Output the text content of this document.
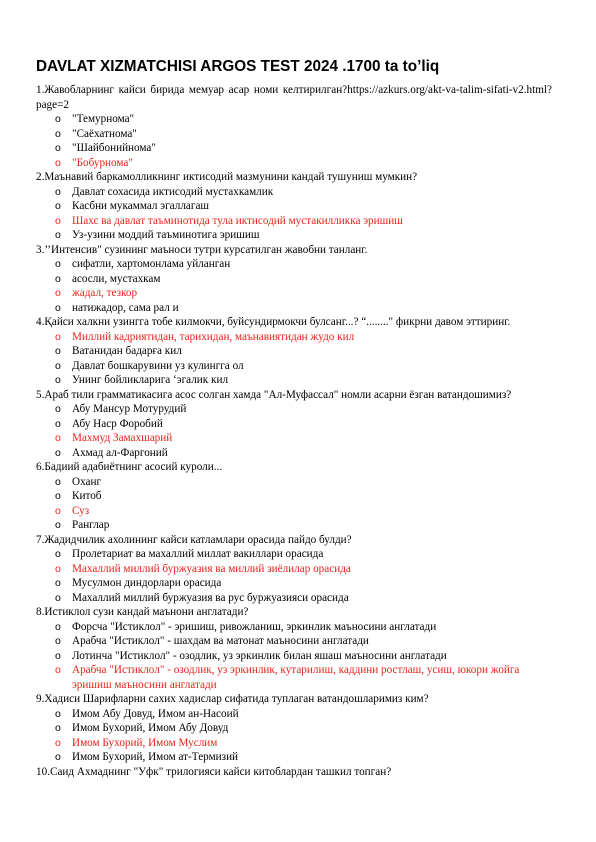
DAVLAT XIZMATCHISI ARGOS TEST 2024 .1700 ta to’liq
1.Жавобларнинг кайси бирида мемуар асар номи келтирилган?https://azkurs.org/akt-va-talim-sifati-v2.html?page=2
o "Темурнома"
o "Саёхатнома"
o "Шайбонийнома"
o "Бобурнома"
2.Маънавий баркамолликнинг иктисодий мазмунини кандай тушуниш мумкин?
o Давлат сохасида иктисодий мустахкамлик
o Касбни мукаммал эгаллагаш
o Шахс ва давлат таъминотида тула иктисодий мустакилликка эришиш
o Уз-узини моддий таъминотига эришиш
3.’’Интенсив" сузининг маъноси тутри курсатилган жавобни танланг.
o сифатли, хартомонлама уйланган
o асосли, мустахкам
o жадал, тезкор
o натижадор, сама рал и
4.Қайси халкни узингга тобе килмокчи, буйсундирмокчи булсанг...? “........" фикрни давом эттиринг.
o Миллий кадриятидан, тарихидан, маънавиятидан жудо кил
o Ватанидан бадарға кил
o Давлат бошкарувини уз кулингга ол
o Унинг бойликларига ‘эгалик кил
5.Араб тили грамматикасига асос солган хамда "Ал-Муфассал" номли асарни ёзган ватандошимиз?
o Абу Мансур Мотурудий
o Абу Наср Форобий
o Махмуд Замахшарий
o Ахмад ал-Фаргоний
6.Бадиий адабиётнинг асосий куроли...
o Оханг
o Китоб
o Суз
o Ранглар
7.Жадидчилик ахолининг кайси катламлари орасида пайдо булди?
o Пролетариат ва махаллий миллат вакиллари орасида
o Махаллий миллий буржуазия ва миллий зиёлилар орасида
o Мусулмон диндорлари орасида
o Махаллий миллий буржуазия ва рус буржуазияси орасида
8.Истиклол сузи кандай маънони англатади?
o Форсча "Истиклол" - эришиш, ривожланиш, эркинлик маъносини англатади
o Арабча "Истиклол" - шахдам ва матонат маъносини англатади
o Лотинча "Истиклол" - озодлик, уз эркинлик билан яшаш маъносини англатади
o Арабча "Истиклол" - озодлик, уз эркинлик, кутарилиш, каддини ростлаш, усиш, юкори жойга эришиш маъносини англатади
9.Хадиси Шарифларни сахих хадислар сифатида туплаган ватандошларимиз ким?
o Имом Абу Довуд, Имом ан-Насоий
o Имом Бухорий, Имом Абу Довуд
o Имом Бухорий, Имом Муслим
o Имом Бухорий, Имом ат-Термизий
10.Саид Ахмаднинг "Уфк" трилогияси кайси китоблардан ташкил топган?
